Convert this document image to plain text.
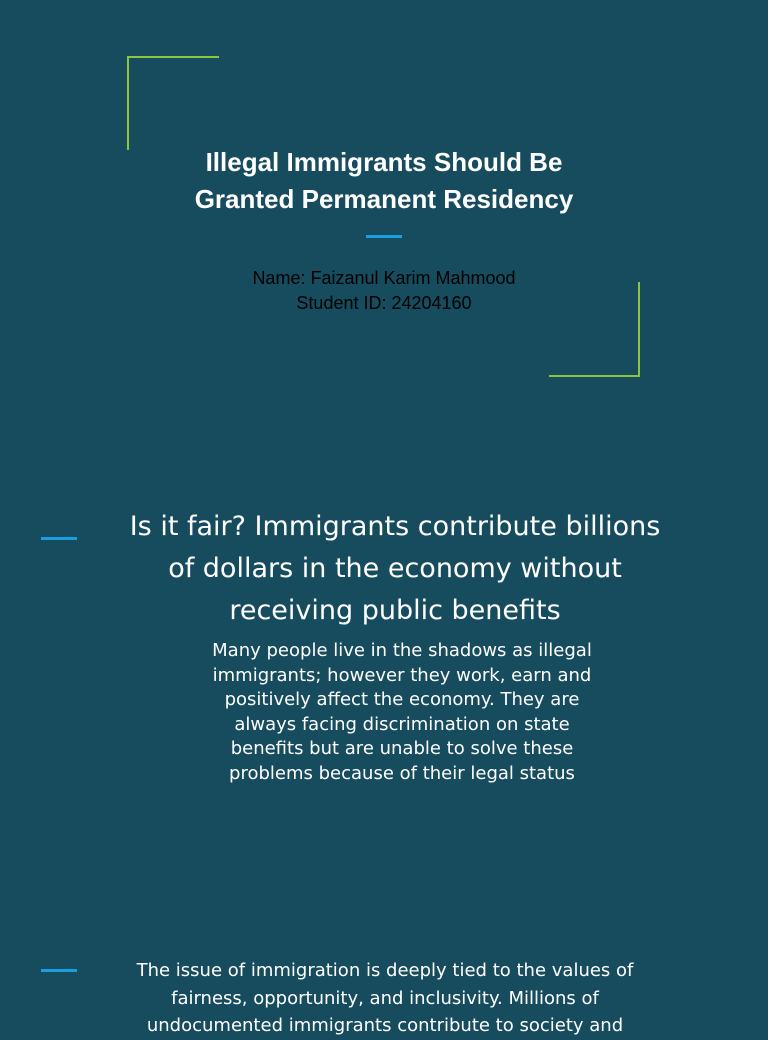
Illegal Immigrants Should Be
Granted Permanent Residency
Name: Faizanul Karim Mahmood
Student ID: 24204160
Is it fair? Immigrants contribute billions
of dollars in the economy without
receiving public benefits
Many people live in the shadows as illegal
immigrants; however they work, earn and
positively affect the economy. They are
always facing discrimination on state
benefits but are unable to solve these
problems because of their legal status
The issue of immigration is deeply tied to the values of
fairness, opportunity, and inclusivity. Millions of
undocumented immigrants contribute to society and
